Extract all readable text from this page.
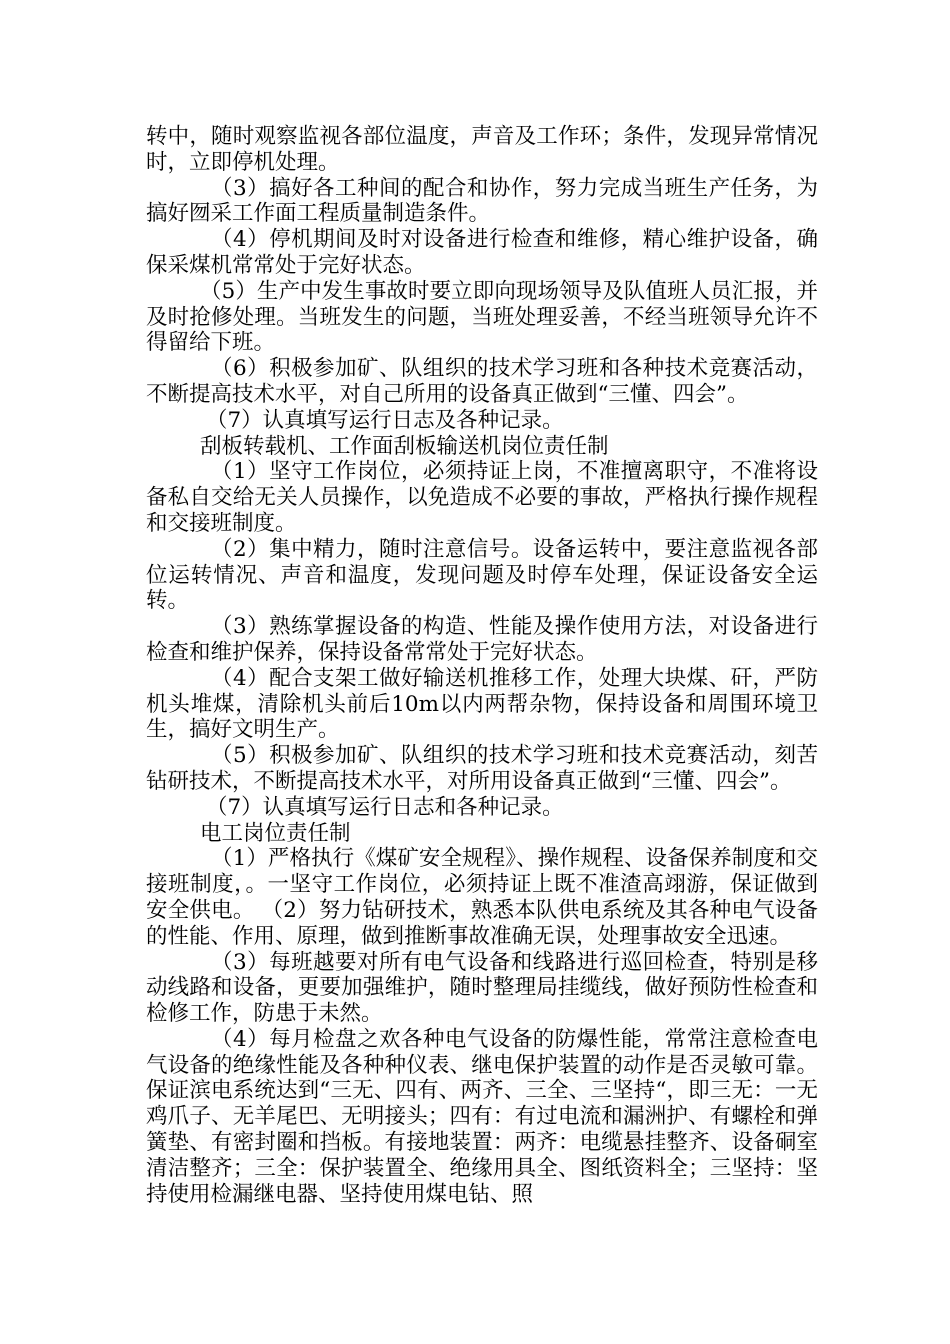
转中，随时观察监视各部位温度，声音及工作环；条件，发现异常情况时，立即停机处理。

（3）搞好各工种间的配合和协作，努力完成当班生产任务，为搞好囫采工作面工程质量制造条件。

（4）停机期间及时对设备进行检查和维修，精心维护设备，确保采煤机常常处于完好状态。

（5）生产中发生事故时要立即向现场领导及队值班人员汇报，并及时抢修处理。当班发生的问题，当班处理妥善，不经当班领导允许不得留给下班。

（6）积极参加矿、队组织的技术学习班和各种技术竞赛活动，不断提高技术水平，对自己所用的设备真正做到“三懂、四会”。

（7）认真填写运行日志及各种记录。

刮板转载机、工作面刮板输送机岗位责任制

（1）坚守工作岗位，必须持证上岗，不准擅离职守，不准将设备私自交给无关人员操作，以免造成不必要的事故，严格执行操作规程和交接班制度。

（2）集中精力，随时注意信号。设备运转中，要注意监视各部位运转情况、声音和温度，发现问题及时停车处理，保证设备安全运转。

（3）熟练掌握设备的构造、性能及操作使用方法，对设备进行检查和维护保养，保持设备常常处于完好状态。

（4）配合支架工做好输送机推移工作，处理大块煤、矸，严防机头堆煤，清除机头前后10m以内两帮杂物，保持设备和周围环境卫生，搞好文明生产。

（5）积极参加矿、队组织的技术学习班和技术竞赛活动，刻苦钻研技术，不断提高技术水平，对所用设备真正做到“三懂、四会”。

（7）认真填写运行日志和各种记录。

电工岗位责任制

（1）严格执行《煤矿安全规程》、操作规程、设备保养制度和交接班制度，。一坚守工作岗位，必须持证上既不准渣高翊游，保证做到安全供电。 （2）努力钻研技术，熟悉本队供电系统及其各种电气设备的性能、作用、原理，做到推断事故准确无误，处理事故安全迅速。

（3）每班越要对所有电气设备和线路进行巡回检查，特别是移动线路和设备，更要加强维护，随时整理局挂缆线，做好预防性检查和检修工作，防患于未然。

（4）每月检盘之欢各种电气设备的防爆性能，常常注意检查电气设备的绝缘性能及各种种仪表、继电保护装置的动作是否灵敏可靠。保证滨电系统达到“三无、四有、两齐、三全、三坚持“，即三无：一无鸡爪子、无羊尾巴、无明接头；四有：有过电流和漏洲护、有螺栓和弹簧垫、有密封圈和挡板。有接地装置：两齐：电缆悬挂整齐、设备硐室清洁整齐；三全：保护装置全、绝缘用具全、图纸资料全；三坚持：坚持使用检漏继电器、坚持使用煤电钻、照
